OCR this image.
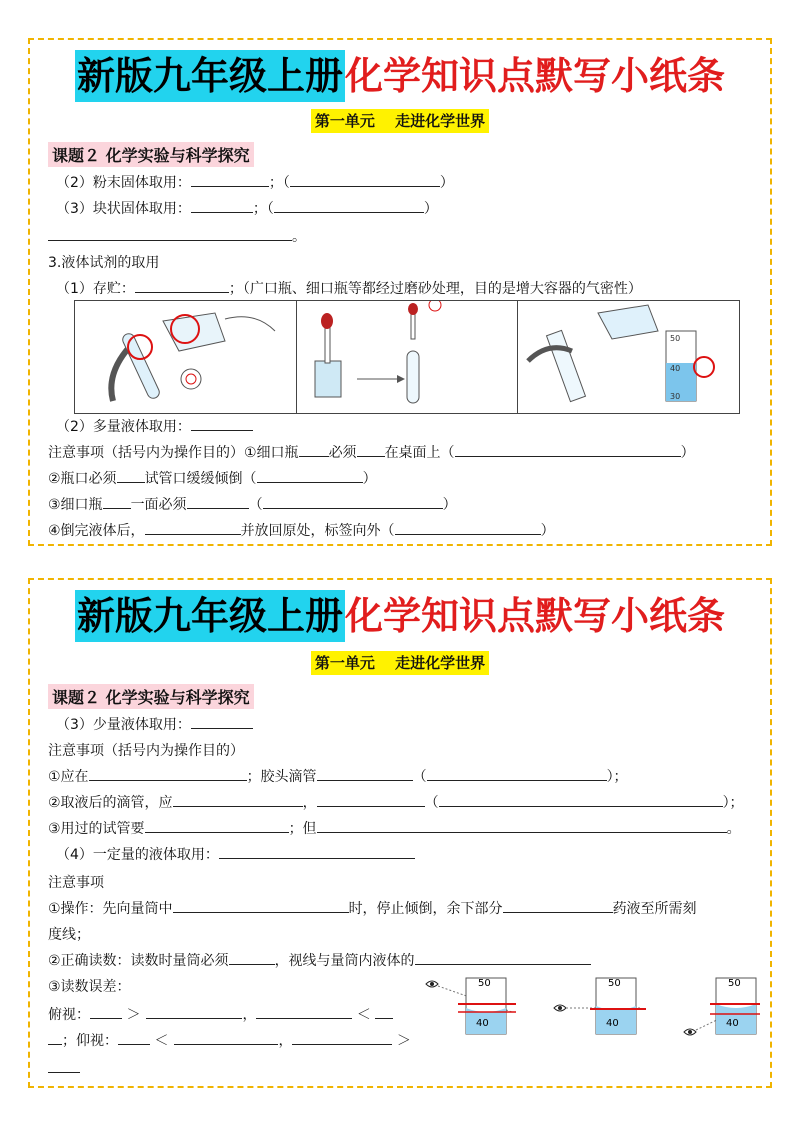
新版九年级上册化学知识点默写小纸条
第一单元　 走进化学世界
课题２ 化学实验与科学探究
（2）粉末固体取用：	；（	）
（3）块状固体取用：	；（	）
。
3.液体试剂的取用
（1）存贮：	；（广口瓶、细口瓶等都经过磨砂处理，目的是增大容器的气密性）
50
40
30
（2）多量液体取用：
注意事项（括号内为操作目的）①细口瓶 必须 在桌面上（	）
②瓶口必须 试管口缓缓倾倒（	）
③细口瓶 一面必须	（	）
④倒完液体后，	并放回原处，标签向外（	）
新版九年级上册化学知识点默写小纸条
第一单元　 走进化学世界
课题２ 化学实验与科学探究
（3）少量液体取用：
注意事项（括号内为操作目的）
①应在	；胶头滴管	（	）；
②取液后的滴管，应	，	（	）；
③用过的试管要	；但	。
（4）一定量的液体取用：
注意事项
①操作：先向量筒中	时，停止倾倒，余下部分	药液至所需刻
度线；
②正确读数：读数时量筒必须	，视线与量筒内液体的
③读数误差：
俯视：	＞	，	＜
；仰视：	＜	，	＞
50
40
50
40
50
40
